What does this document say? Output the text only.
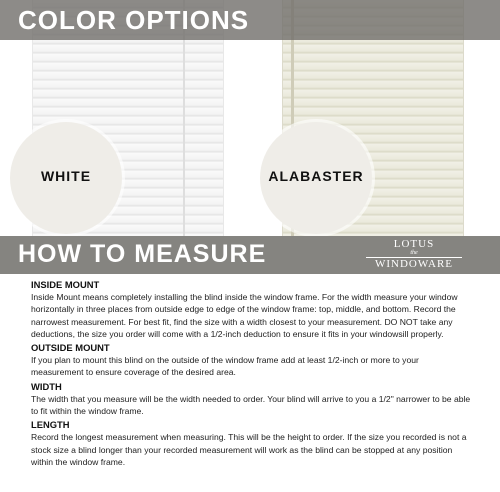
COLOR OPTIONS
WHITE	ALABASTER
HOW TO MEASURE	LOTUS
the
WINDOWARE
INSIDE MOUNT

Inside Mount means completely installing the blind inside the window frame. For the width measure your window horizontally in three places from outside edge to edge of the window frame: top, middle, and bottom. Record the narrowest measurement. For best fit, find the size with a width closest to your measurement. DO NOT take any deductions, the size you order will come with a 1/2-inch deduction to ensure it fits in your windowsill properly.

OUTSIDE MOUNT

If you plan to mount this blind on the outside of the window frame add at least 1/2-inch or more to your measurement to ensure coverage of the desired area.

WIDTH

The width that you measure will be the width needed to order. Your blind will arrive to you a 1/2" narrower to be able to fit within the window frame.

LENGTH

Record the longest measurement when measuring. This will be the height to order. If the size you recorded is not a stock size a blind longer than your recorded measurement will work as the blind can be stopped at any position within the window frame.
